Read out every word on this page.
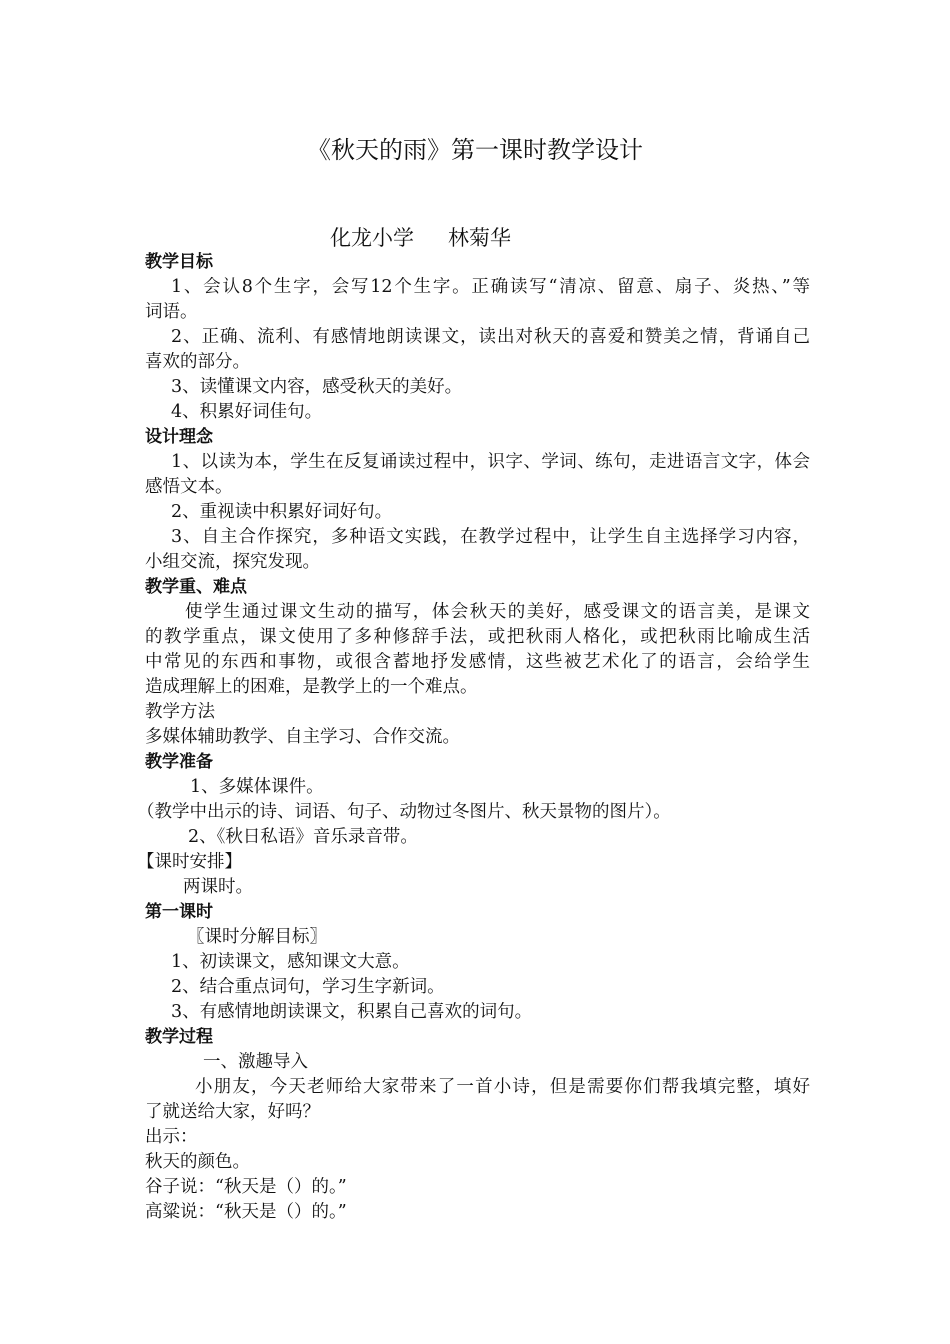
《秋天的雨》第一课时教学设计
化龙小学 林菊华
教学目标
1、会认8个生字，会写12个生字。正确读写“清凉、留意、扇子、炎热、”等
词语。
2、正确、流利、有感情地朗读课文，读出对秋天的喜爱和赞美之情，背诵自己
喜欢的部分。
3、读懂课文内容，感受秋天的美好。
4、积累好词佳句。
设计理念
1、以读为本，学生在反复诵读过程中，识字、学词、练句，走进语言文字，体会
感悟文本。
2、重视读中积累好词好句。
3、自主合作探究，多种语文实践，在教学过程中，让学生自主选择学习内容，
小组交流，探究发现。
教学重、难点
使学生通过课文生动的描写，体会秋天的美好，感受课文的语言美，是课文
的教学重点，课文使用了多种修辞手法，或把秋雨人格化，或把秋雨比喻成生活
中常见的东西和事物，或很含蓄地抒发感情，这些被艺术化了的语言，会给学生
造成理解上的困难，是教学上的一个难点。
教学方法
多媒体辅助教学、自主学习、合作交流。
教学准备
1、多媒体课件。
（教学中出示的诗、词语、句子、动物过冬图片、秋天景物的图片）。
2、《秋日私语》音乐录音带。
【课时安排】
两课时。
第一课时
〖课时分解目标〗
1、初读课文，感知课文大意。
2、结合重点词句，学习生字新词。
3、有感情地朗读课文，积累自己喜欢的词句。
教学过程
一、激趣导入
小朋友，今天老师给大家带来了一首小诗，但是需要你们帮我填完整，填好
了就送给大家，好吗？
出示：
秋天的颜色。
谷子说：“秋天是（）的。”
高粱说：“秋天是（）的。”
